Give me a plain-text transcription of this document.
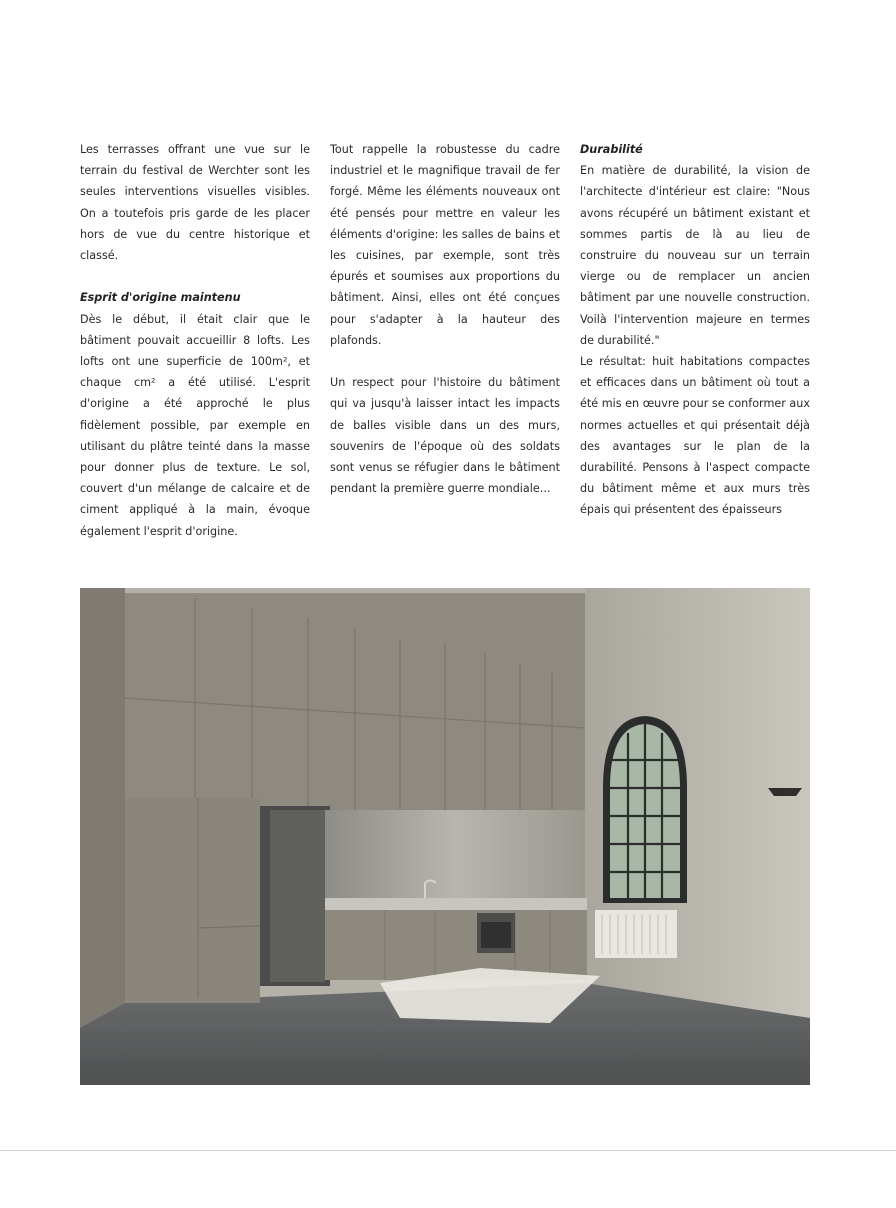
Les terrasses offrant une vue sur le terrain du festival de Werchter sont les seules interventions visuelles visibles. On a toutefois pris garde de les placer hors de vue du centre historique et classé.

Esprit d'origine maintenu

Dès le début, il était clair que le bâtiment pouvait accueillir 8 lofts. Les lofts ont une superficie de 100m², et chaque cm² a été utilisé. L'esprit d'origine a été approché le plus fidèlement possible, par exemple en utilisant du plâtre teinté dans la masse pour donner plus de texture. Le sol, couvert d'un mélange de calcaire et de ciment appliqué à la main, évoque également l'esprit d'origine.

Tout rappelle la robustesse du cadre industriel et le magnifique travail de fer forgé. Même les éléments nouveaux ont été pensés pour mettre en valeur les éléments d'origine: les salles de bains et les cuisines, par exemple, sont très épurés et soumises aux proportions du bâtiment. Ainsi, elles ont été conçues pour s'adapter à la hauteur des plafonds.

Un respect pour l'histoire du bâtiment qui va jusqu'à laisser intact les impacts de balles visible dans un des murs, souvenirs de l'époque où des soldats sont venus se réfugier dans le bâtiment pendant la première guerre mondiale...

Durabilité

En matière de durabilité, la vision de l'architecte d'intérieur est claire: "Nous avons récupéré un bâtiment existant et sommes partis de là au lieu de construire du nouveau sur un terrain vierge ou de remplacer un ancien bâtiment par une nouvelle construction. Voilà l'intervention majeure en termes de durabilité."

Le résultat: huit habitations compactes et efficaces dans un bâtiment où tout a été mis en œuvre pour se conformer aux normes actuelles et qui présentait déjà des avantages sur le plan de la durabilité. Pensons à l'aspect compacte du bâtiment même et aux murs très épais qui présentent des épaisseurs
